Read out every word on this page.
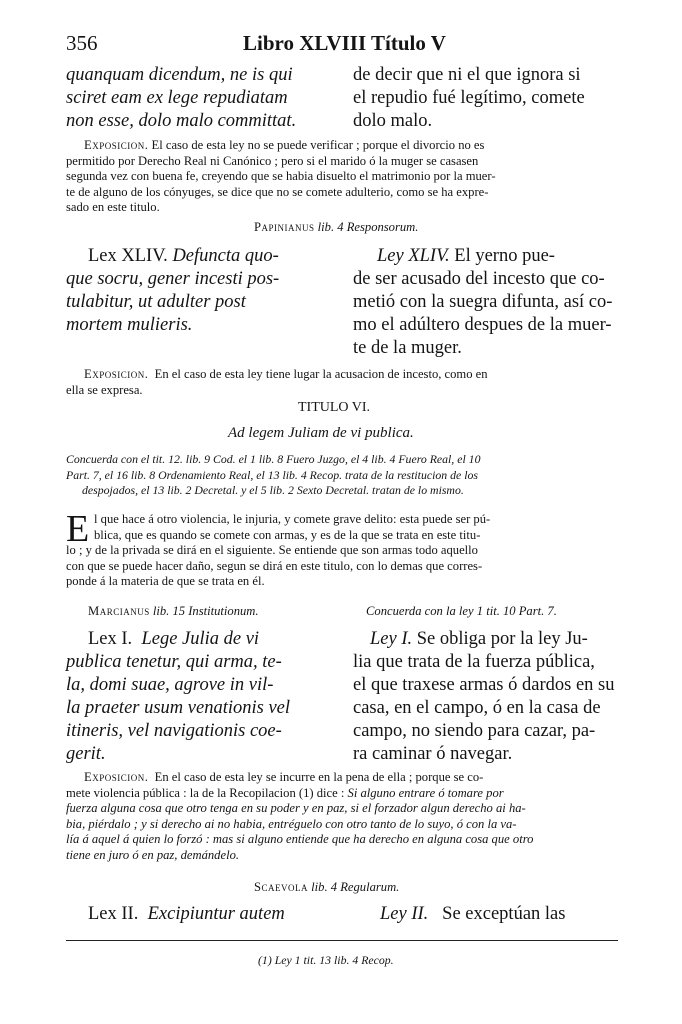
356	Libro XLVIII Título V
quanquam dicendum, ne is qui
sciret eam ex lege repudiatam
non esse, dolo malo committat.
de decir que ni el que ignora si
el repudio fué legítimo, comete
dolo malo.
Exposicion. El caso de esta ley no se puede verificar ; porque el divorcio no es
permitido por Derecho Real ni Canónico ; pero si el marido ó la muger se casasen
segunda vez con buena fe, creyendo que se habia disuelto el matrimonio por la muer-
te de alguno de los cónyuges, se dice que no se comete adulterio, como se ha expre-
sado en este titulo.
Papinianus lib. 4 Responsorum.
Lex XLIV. Defuncta quo-
que socru, gener incesti pos-
tulabitur, ut adulter post
mortem mulieris.
Ley XLIV. El yerno pue-
de ser acusado del incesto que co-
metió con la suegra difunta, así co-
mo el adúltero despues de la muer-
te de la muger.
Exposicion. En el caso de esta ley tiene lugar la acusacion de incesto, como en
ella se expresa.
TITULO VI.
Ad legem Juliam de vi publica.
Concuerda con el tit. 12. lib. 9 Cod. el 1 lib. 8 Fuero Juzgo, el 4 lib. 4 Fuero Real, el 10
Part. 7, el 16 lib. 8 Ordenamiento Real, el 13 lib. 4 Recop. trata de la restitucion de los
despojados, el 13 lib. 2 Decretal. y el 5 lib. 2 Sexto Decretal. tratan de lo mismo.
E l que hace á otro violencia, le injuria, y comete grave delito: esta puede ser pú-
blica, que es quando se comete con armas, y es de la que se trata en este titu-
lo ; y de la privada se dirá en el siguiente. Se entiende que son armas todo aquello
con que se puede hacer daño, segun se dirá en este titulo, con lo demas que corres-
ponde á la materia de que se trata en él.
Marcianus lib. 15 Institutionum.	Concuerda con la ley 1 tit. 10 Part. 7.
Lex I. Lege Julia de vi
publica tenetur, qui arma, te-
la, domi suae, agrove in vil-
la praeter usum venationis vel
itineris, vel navigationis coe-
gerit.
Ley I. Se obliga por la ley Ju-
lia que trata de la fuerza pública,
el que traxese armas ó dardos en su
casa, en el campo, ó en la casa de
campo, no siendo para cazar, pa-
ra caminar ó navegar.
Exposicion. En el caso de esta ley se incurre en la pena de ella ; porque se co-
mete violencia pública : la de la Recopilacion (1) dice : Si alguno entrare ó tomare por
fuerza alguna cosa que otro tenga en su poder y en paz, si el forzador algun derecho ai ha-
bia, piérdalo ; y si derecho ai no habia, entréguelo con otro tanto de lo suyo, ó con la va-
lía á aquel á quien lo forzó : mas si alguno entiende que ha derecho en alguna cosa que otro
tiene en juro ó en paz, demándelo.
Scaevola lib. 4 Regularum.
Lex II. Excipiuntur autem	Ley II. Se exceptúan las
(1) Ley 1 tit. 13 lib. 4 Recop.
